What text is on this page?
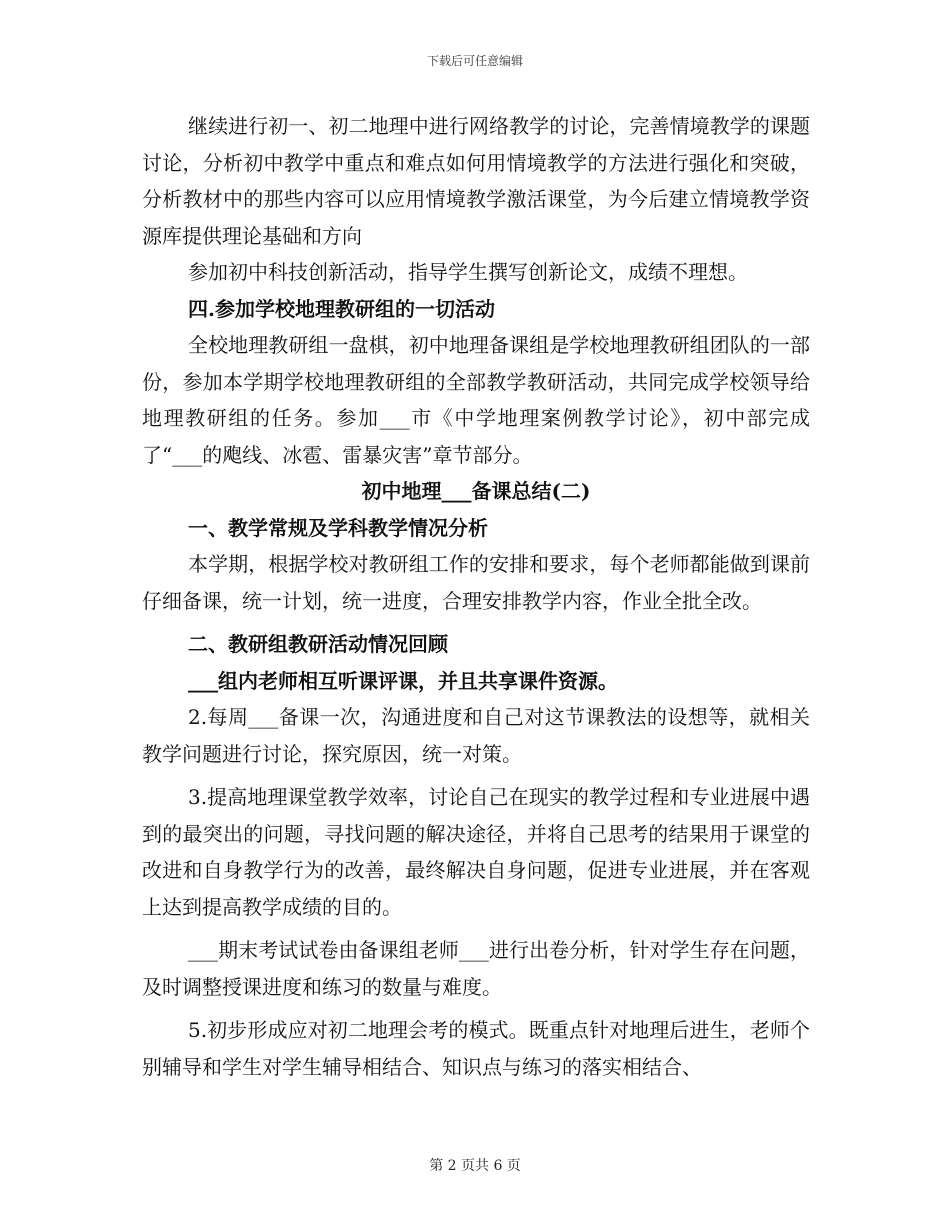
下载后可任意编辑

继续进行初一、初二地理中进行网络教学的讨论，完善情境教学的课题讨论，分析初中教学中重点和难点如何用情境教学的方法进行强化和突破，分析教材中的那些内容可以应用情境教学激活课堂，为今后建立情境教学资源库提供理论基础和方向

参加初中科技创新活动，指导学生撰写创新论文，成绩不理想。

四.参加学校地理教研组的一切活动

全校地理教研组一盘棋，初中地理备课组是学校地理教研组团队的一部份，参加本学期学校地理教研组的全部教学教研活动，共同完成学校领导给地理教研组的任务。参加___市《中学地理案例教学讨论》，初中部完成了“___的飑线、冰雹、雷暴灾害”章节部分。

初中地理___备课总结(二)

一、教学常规及学科教学情况分析

本学期，根据学校对教研组工作的安排和要求，每个老师都能做到课前仔细备课，统一计划，统一进度，合理安排教学内容，作业全批全改。

二、教研组教研活动情况回顾

___组内老师相互听课评课，并且共享课件资源。

2.每周___备课一次，沟通进度和自己对这节课教法的设想等，就相关教学问题进行讨论，探究原因，统一对策。

3.提高地理课堂教学效率，讨论自己在现实的教学过程和专业进展中遇到的最突出的问题，寻找问题的解决途径，并将自己思考的结果用于课堂的改进和自身教学行为的改善，最终解决自身问题，促进专业进展，并在客观上达到提高教学成绩的目的。

___期末考试试卷由备课组老师___进行出卷分析，针对学生存在问题，及时调整授课进度和练习的数量与难度。

5.初步形成应对初二地理会考的模式。既重点针对地理后进生，老师个别辅导和学生对学生辅导相结合、知识点与练习的落实相结合、

第 2 页共 6 页
